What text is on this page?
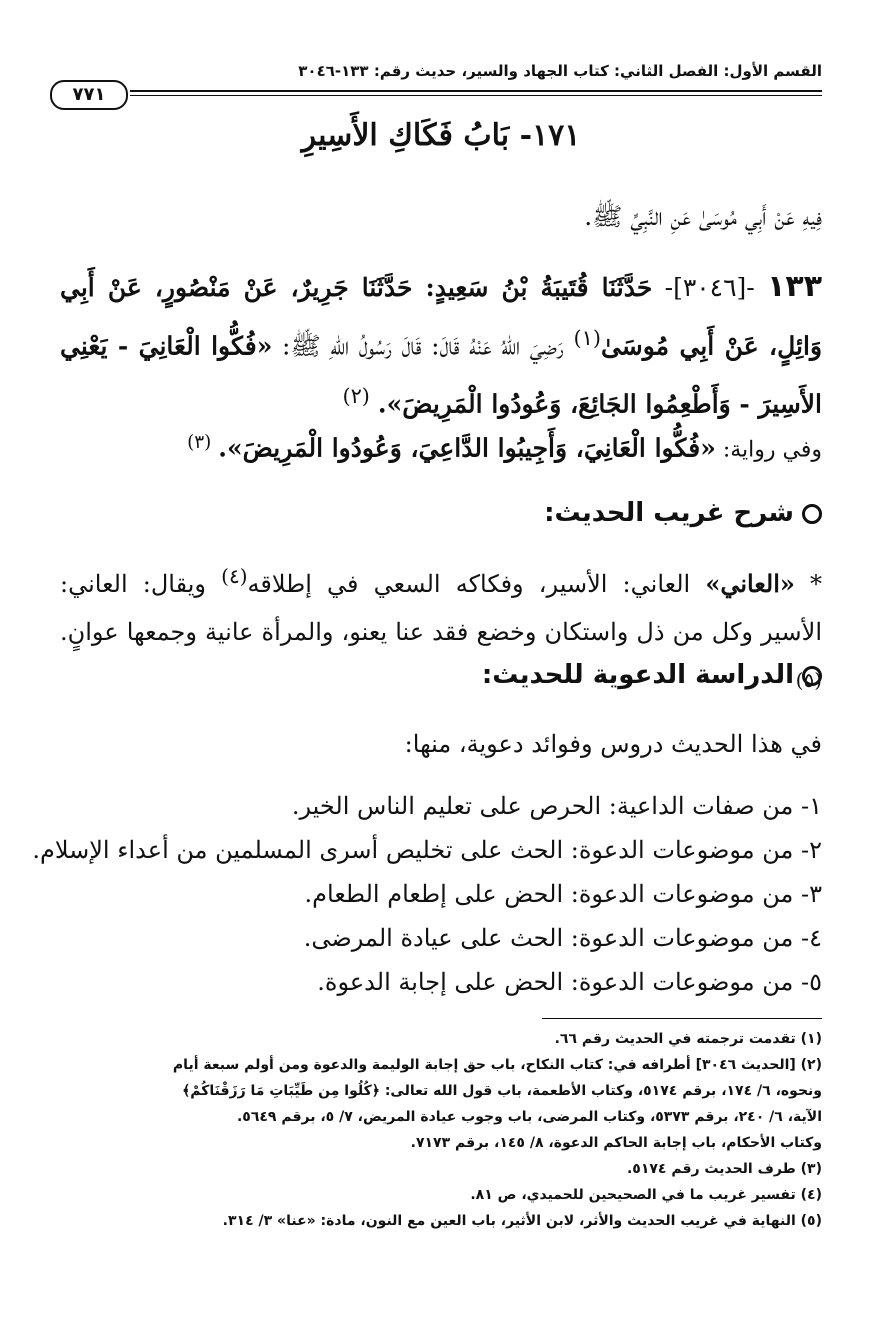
القسم الأول: الفصل الثاني: كتاب الجهاد والسير، حديث رقم: ١٣٣-٣٠٤٦
٧٧١
١٧١- بَابُ فَكَاكِ الأَسِيرِ
فِيهِ عَنْ أَبِي مُوسَىٰ عَنِ النَّبِيِّ ﷺ.
١٣٣ -[٣٠٤٦]- حَدَّثَنَا قُتَيبَةُ بْنُ سَعِيدٍ: حَدَّثَنَا جَرِيرٌ، عَنْ مَنْصُورٍ، عَنْ أَبِي وَائِلٍ، عَنْ أَبِي مُوسَىٰ$^{(١)}$ رَضِيَ اللهُ عَنْهُ قَالَ: قَالَ رَسُولُ اللهِ ﷺ: «فُكُّوا الْعَانِيَ - يَعْنِي الأَسِيرَ - وَأَطْعِمُوا الجَائِعَ، وَعُودُوا الْمَرِيضَ». $^{(٢)}$
وفي رواية: «فُكُّوا الْعَانِيَ، وَأَجِيبُوا الدَّاعِيَ، وَعُودُوا الْمَرِيضَ». $^{(٣)}$
شرح غريب الحديث:
* «العاني» العاني: الأسير، وفكاكه السعي في إطلاقه$^{(٤)}$ ويقال: العاني: الأسير وكل من ذل واستكان وخضع فقد عنا يعنو، والمرأة عانية وجمعها عوانٍ. $^{(٥)}$
الدراسة الدعوية للحديث:
في هذا الحديث دروس وفوائد دعوية، منها:
١- من صفات الداعية: الحرص على تعليم الناس الخير.
٢- من موضوعات الدعوة: الحث على تخليص أسرى المسلمين من أعداء الإسلام.
٣- من موضوعات الدعوة: الحض على إطعام الطعام.
٤- من موضوعات الدعوة: الحث على عيادة المرضى.
٥- من موضوعات الدعوة: الحض على إجابة الدعوة.

(١) تقدمت ترجمته في الحديث رقم ٦٦.

(٢) [الحديث ٣٠٤٦] أطرافه في: كتاب النكاح، باب حق إجابة الوليمة والدعوة ومن أولم سبعة أيام

ونحوه، ٦/ ١٧٤، برقم ٥١٧٤، وكتاب الأطعمة، باب قول الله تعالى: ﴿كُلُوا مِن طَيِّبَاتِ مَا رَزَقْنَاكُمْ﴾

الآية، ٦/ ٢٤٠، برقم ٥٣٧٣، وكتاب المرضى، باب وجوب عيادة المريض، ٧/ ٥، برقم ٥٦٤٩.

وكتاب الأحكام، باب إجابة الحاكم الدعوة، ٨/ ١٤٥، برقم ٧١٧٣.

(٣) طرف الحديث رقم ٥١٧٤.

(٤) تفسير غريب ما في الصحيحين للحميدي، ص ٨١.

(٥) النهاية في غريب الحديث والأثر، لابن الأثير، باب العين مع النون، مادة: «عنا» ٣/ ٣١٤.
